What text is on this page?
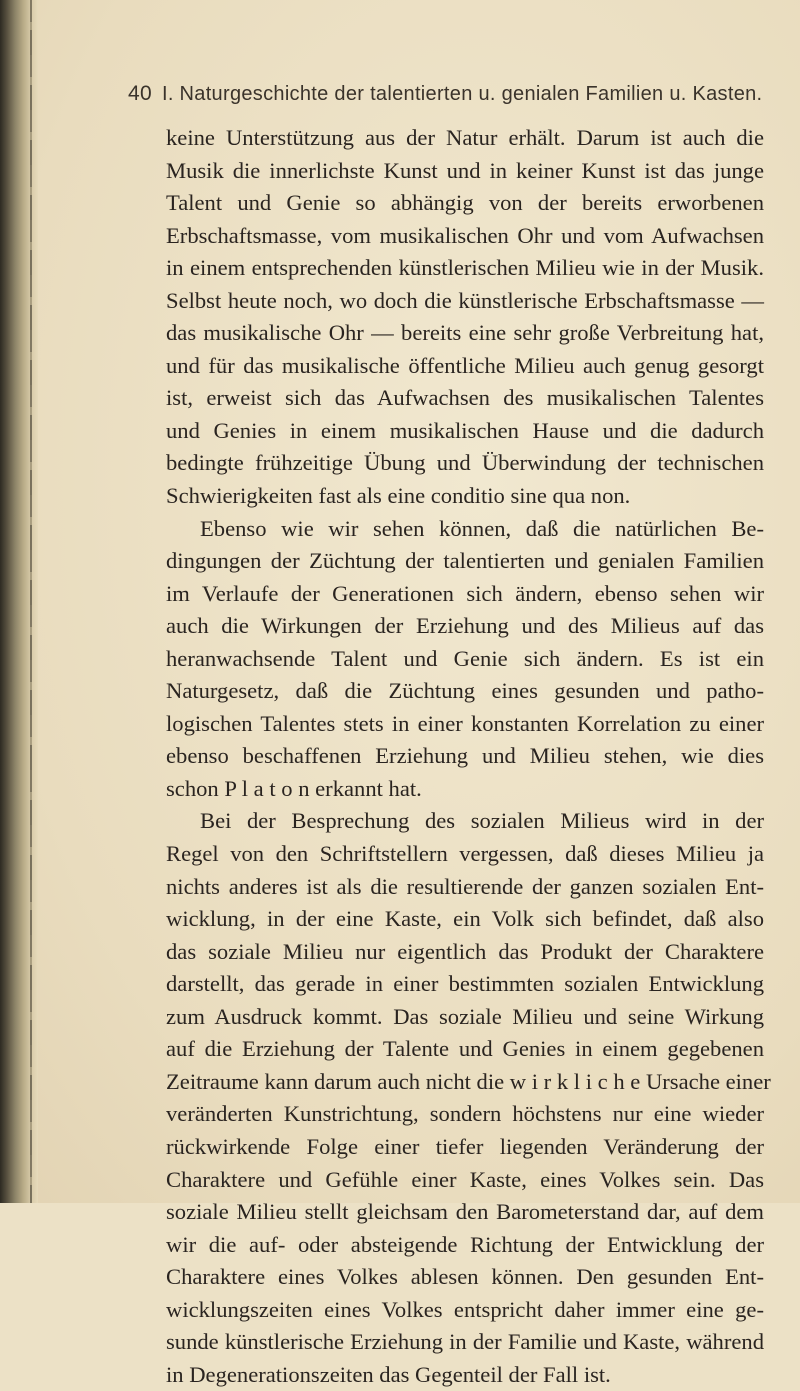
40 I. Naturgeschichte der talentierten u. genialen Familien u. Kasten.
keine Unterstützung aus der Natur erhält. Darum ist auch die
Musik die innerlichste Kunst und in keiner Kunst ist das junge
Talent und Genie so abhängig von der bereits erworbenen
Erbschaftsmasse, vom musikalischen Ohr und vom Aufwachsen
in einem entsprechenden künstlerischen Milieu wie in der Musik.
Selbst heute noch, wo doch die künstlerische Erbschaftsmasse —
das musikalische Ohr — bereits eine sehr große Verbreitung hat,
und für das musikalische öffentliche Milieu auch genug gesorgt
ist, erweist sich das Aufwachsen des musikalischen Talentes
und Genies in einem musikalischen Hause und die dadurch
bedingte frühzeitige Übung und Überwindung der technischen
Schwierigkeiten fast als eine conditio sine qua non.
Ebenso wie wir sehen können, daß die natürlichen Be-
dingungen der Züchtung der talentierten und genialen Familien
im Verlaufe der Generationen sich ändern, ebenso sehen wir
auch die Wirkungen der Erziehung und des Milieus auf das
heranwachsende Talent und Genie sich ändern. Es ist ein
Naturgesetz, daß die Züchtung eines gesunden und patho-
logischen Talentes stets in einer konstanten Korrelation zu einer
ebenso beschaffenen Erziehung und Milieu stehen, wie dies
schon P l a t o n erkannt hat.
Bei der Besprechung des sozialen Milieus wird in der
Regel von den Schriftstellern vergessen, daß dieses Milieu ja
nichts anderes ist als die resultierende der ganzen sozialen Ent-
wicklung, in der eine Kaste, ein Volk sich befindet, daß also
das soziale Milieu nur eigentlich das Produkt der Charaktere
darstellt, das gerade in einer bestimmten sozialen Entwicklung
zum Ausdruck kommt. Das soziale Milieu und seine Wirkung
auf die Erziehung der Talente und Genies in einem gegebenen
Zeitraume kann darum auch nicht die w i r k l i c h e Ursache einer
veränderten Kunstrichtung, sondern höchstens nur eine wieder
rückwirkende Folge einer tiefer liegenden Veränderung der
Charaktere und Gefühle einer Kaste, eines Volkes sein. Das
soziale Milieu stellt gleichsam den Barometerstand dar, auf dem
wir die auf- oder absteigende Richtung der Entwicklung der
Charaktere eines Volkes ablesen können. Den gesunden Ent-
wicklungszeiten eines Volkes entspricht daher immer eine ge-
sunde künstlerische Erziehung in der Familie und Kaste, während
in Degenerationszeiten das Gegenteil der Fall ist.
